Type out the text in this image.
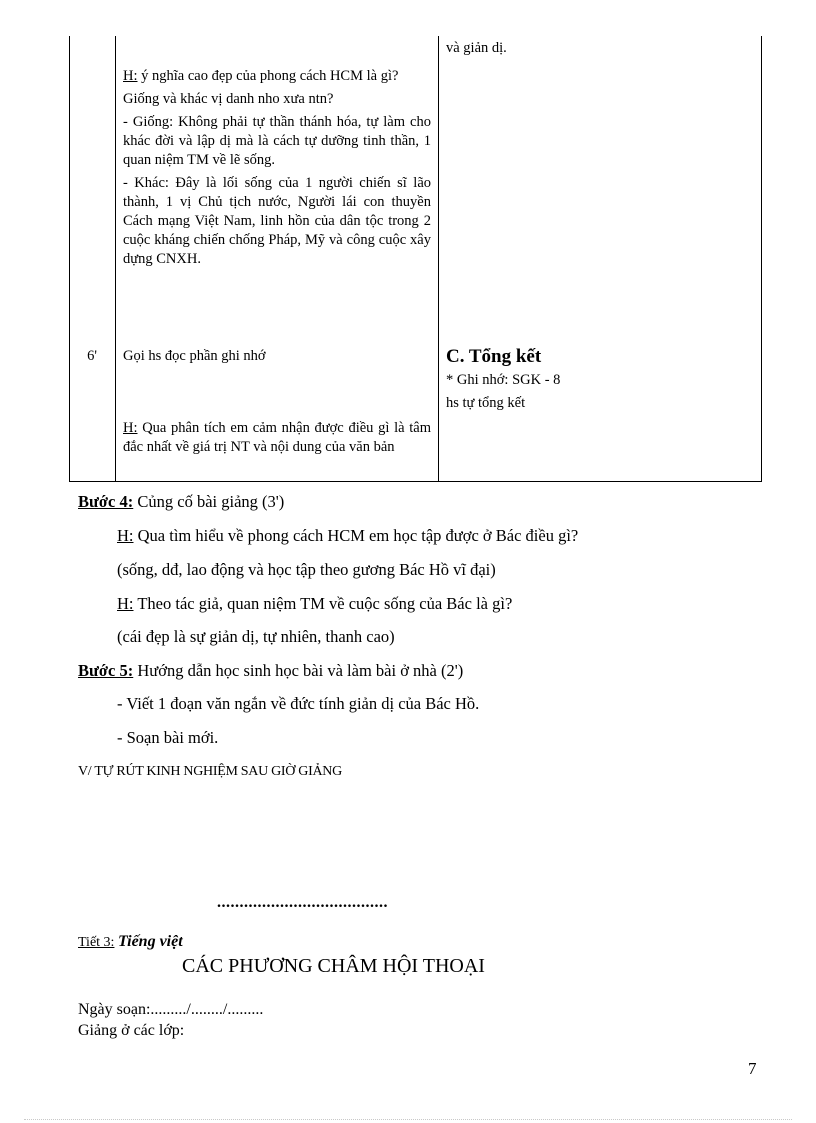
và giản dị.

H: ý nghĩa cao đẹp của phong cách HCM là gì?

Giống và khác vị danh nho xưa ntn?

- Giống: Không phải tự thần thánh hóa, tự làm cho khác đời và lập dị mà là cách tự dưỡng tinh thần, 1 quan niệm TM về lẽ sống.

- Khác: Đây là lối sống của 1 người chiến sĩ lão thành, 1 vị Chủ tịch nước, Người lái con thuyền Cách mạng Việt Nam, linh hồn của dân tộc trong 2 cuộc kháng chiến chống Pháp, Mỹ và công cuộc xây dựng CNXH.

6'	Gọi hs đọc phần ghi nhớ

H: Qua phân tích em cảm nhận được điều gì là tâm đắc nhất về giá trị NT và nội dung của văn bản

C. Tổng kết
* Ghi nhớ: SGK - 8
hs tự tổng kết
Bước 4: Củng cố bài giảng (3')
H: Qua tìm hiểu về phong cách HCM em học tập được ở Bác điều gì?
(sống, dđ, lao động và học tập theo gương Bác Hồ vĩ đại)
H: Theo tác giả, quan niệm TM về cuộc sống của Bác là gì?
(cái đẹp là sự giản dị, tự nhiên, thanh cao)
Bước 5: Hướng dẫn học sinh học bài và làm bài ở nhà (2')
- Viết 1 đoạn văn ngắn về đức tính giản dị của Bác Hồ.
- Soạn bài mới.
V/ TỰ RÚT KINH NGHIỆM SAU GIỜ GIẢNG
......................................
Tiết 3: Tiếng việt
CÁC PHƯƠNG CHÂM HỘI THOẠI
Ngày soạn:........./......../.........
Giảng ở các lớp:
7
